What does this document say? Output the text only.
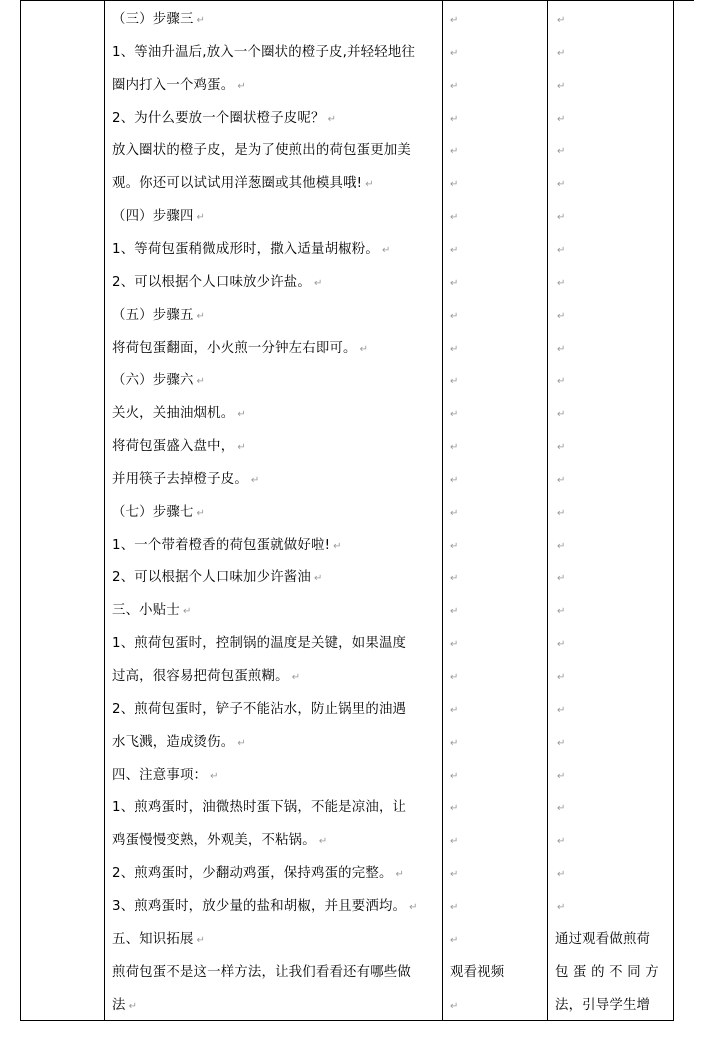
（三）步骤三 ↵
1、等油升温后,放入一个圈状的橙子皮,并轻轻地往
圈内打入一个鸡蛋。 ↵
2、为什么要放一个圈状橙子皮呢？ ↵
放入圈状的橙子皮，是为了使煎出的荷包蛋更加美
观。你还可以试试用洋葱圈或其他模具哦! ↵
（四）步骤四 ↵
1、等荷包蛋稍微成形时，撒入适量胡椒粉。 ↵
2、可以根据个人口味放少许盐。 ↵
（五）步骤五 ↵
将荷包蛋翻面，小火煎一分钟左右即可。 ↵
（六）步骤六 ↵
关火，关抽油烟机。 ↵
将荷包蛋盛入盘中， ↵
并用筷子去掉橙子皮。 ↵
（七）步骤七 ↵
1、一个带着橙香的荷包蛋就做好啦! ↵
2、可以根据个人口味加少许酱油 ↵
三、小贴士 ↵
1、煎荷包蛋时，控制锅的温度是关键，如果温度
过高，很容易把荷包蛋煎糊。 ↵
2、煎荷包蛋时，铲子不能沾水，防止锅里的油遇
水飞溅，造成烫伤。 ↵
四、注意事项： ↵
1、煎鸡蛋时，油微热时蛋下锅，不能是凉油，让
鸡蛋慢慢变熟，外观美，不粘锅。 ↵
2、煎鸡蛋时，少翻动鸡蛋，保持鸡蛋的完整。 ↵
3、煎鸡蛋时，放少量的盐和胡椒，并且要洒均。 ↵
五、知识拓展 ↵
煎荷包蛋不是这一样方法，让我们看看还有哪些做
法 ↵
↵
↵
↵
↵
↵
↵
↵
↵
↵
↵
↵
↵
↵
↵
↵
↵
↵
↵
↵
↵
↵
↵
↵
↵
↵
↵
↵
↵
↵
↵
观看视频
↵
↵
↵
↵
↵
↵
↵
↵
↵
↵
↵
↵
↵
↵
↵
↵
↵
↵
↵
↵
↵
↵
↵
↵
↵
↵
↵
↵
通过观看做煎荷
包 蛋 的 不 同 方
法，引导学生增
